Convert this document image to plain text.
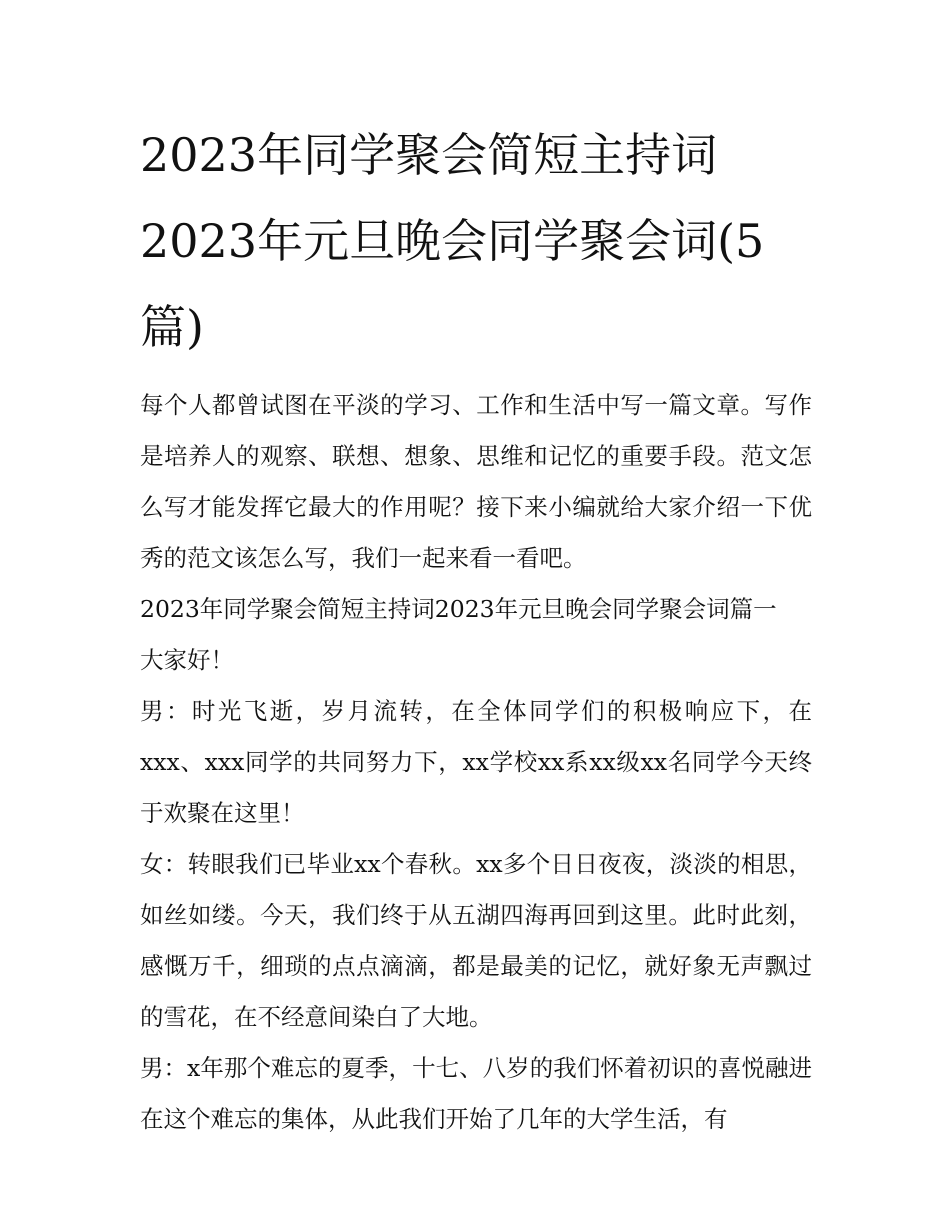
2023年同学聚会简短主持词2023年元旦晚会同学聚会词(5篇)

每个人都曾试图在平淡的学习、工作和生活中写一篇文章。写作是培养人的观察、联想、想象、思维和记忆的重要手段。范文怎么写才能发挥它最大的作用呢？接下来小编就给大家介绍一下优秀的范文该怎么写，我们一起来看一看吧。

2023年同学聚会简短主持词2023年元旦晚会同学聚会词篇一

大家好！

男：时光飞逝，岁月流转，在全体同学们的积极响应下，在xxx、xxx同学的共同努力下，xx学校xx系xx级xx名同学今天终于欢聚在这里！

女：转眼我们已毕业xx个春秋。xx多个日日夜夜，淡淡的相思，如丝如缕。今天，我们终于从五湖四海再回到这里。此时此刻，感慨万千，细琐的点点滴滴，都是最美的记忆，就好象无声飘过的雪花，在不经意间染白了大地。

男：x年那个难忘的夏季，十七、八岁的我们怀着初识的喜悦融进在这个难忘的集体，从此我们开始了几年的大学生活，有
